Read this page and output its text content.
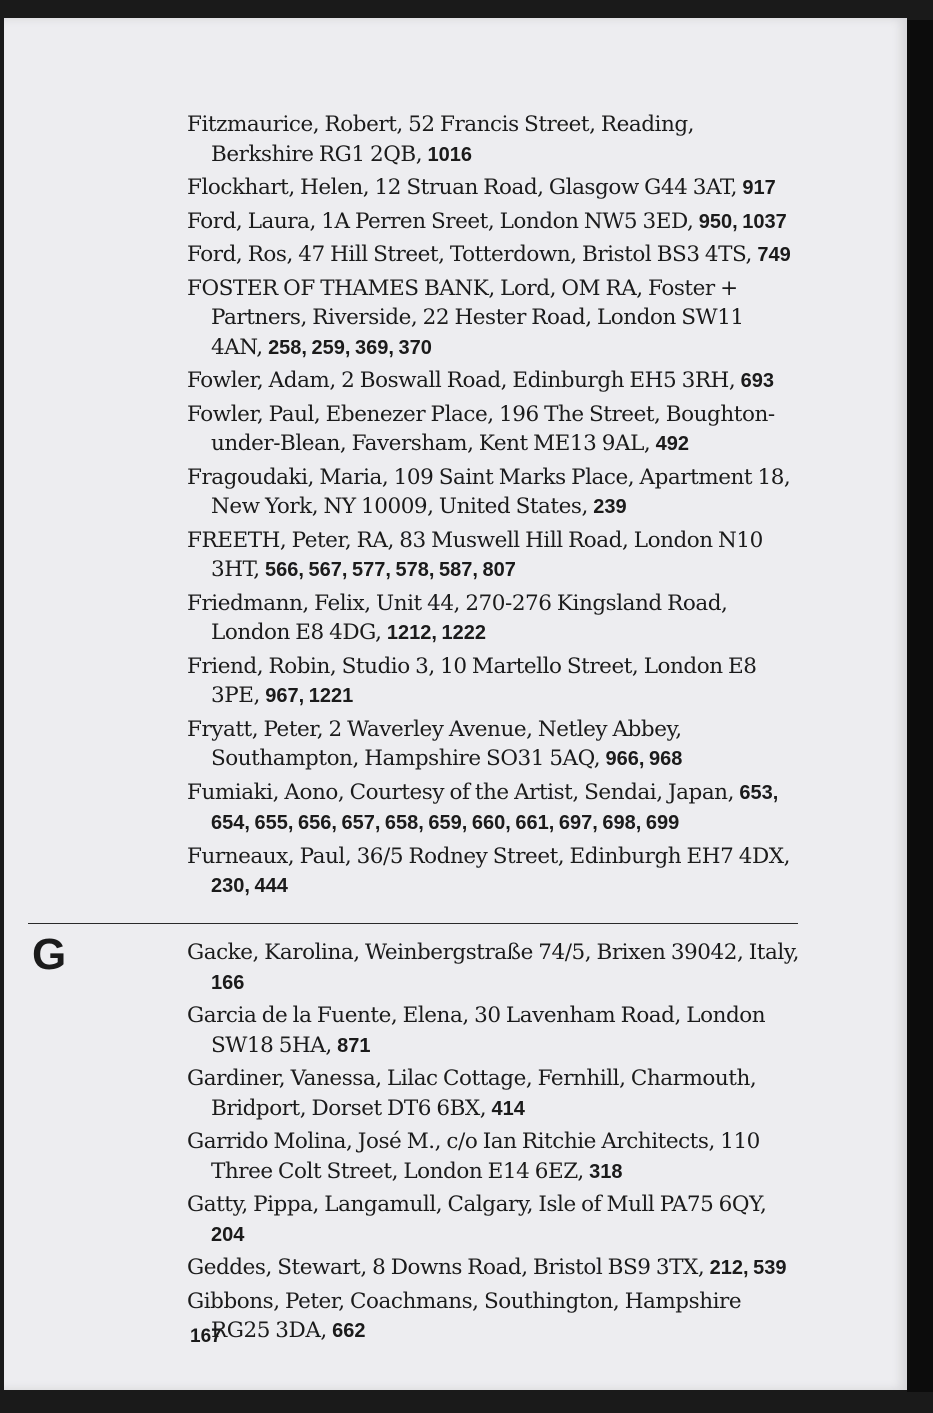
Fitzmaurice, Robert, 52 Francis Street, Reading, Berkshire RG1 2QB, 1016
Flockhart, Helen, 12 Struan Road, Glasgow G44 3AT, 917
Ford, Laura, 1A Perren Sreet, London NW5 3ED, 950, 1037
Ford, Ros, 47 Hill Street, Totterdown, Bristol BS3 4TS, 749
FOSTER OF THAMES BANK, Lord, OM RA, Foster + Partners, Riverside, 22 Hester Road, London SW11 4AN, 258, 259, 369, 370
Fowler, Adam, 2 Boswall Road, Edinburgh EH5 3RH, 693
Fowler, Paul, Ebenezer Place, 196 The Street, Boughton-under-Blean, Faversham, Kent ME13 9AL, 492
Fragoudaki, Maria, 109 Saint Marks Place, Apartment 18, New York, NY 10009, United States, 239
FREETH, Peter, RA, 83 Muswell Hill Road, London N10 3HT, 566, 567, 577, 578, 587, 807
Friedmann, Felix, Unit 44, 270-276 Kingsland Road, London E8 4DG, 1212, 1222
Friend, Robin, Studio 3, 10 Martello Street, London E8 3PE, 967, 1221
Fryatt, Peter, 2 Waverley Avenue, Netley Abbey, Southampton, Hampshire SO31 5AQ, 966, 968
Fumiaki, Aono, Courtesy of the Artist, Sendai, Japan, 653, 654, 655, 656, 657, 658, 659, 660, 661, 697, 698, 699
Furneaux, Paul, 36/5 Rodney Street, Edinburgh EH7 4DX, 230, 444
G	Gacke, Karolina, Weinbergstraße 74/5, Brixen 39042, Italy, 166
Garcia de la Fuente, Elena, 30 Lavenham Road, London SW18 5HA, 871
Gardiner, Vanessa, Lilac Cottage, Fernhill, Charmouth, Bridport, Dorset DT6 6BX, 414
Garrido Molina, José M., c/o Ian Ritchie Architects, 110 Three Colt Street, London E14 6EZ, 318
Gatty, Pippa, Langamull, Calgary, Isle of Mull PA75 6QY, 204
Geddes, Stewart, 8 Downs Road, Bristol BS9 3TX, 212, 539
Gibbons, Peter, Coachmans, Southington, Hampshire RG25 3DA, 662
167
